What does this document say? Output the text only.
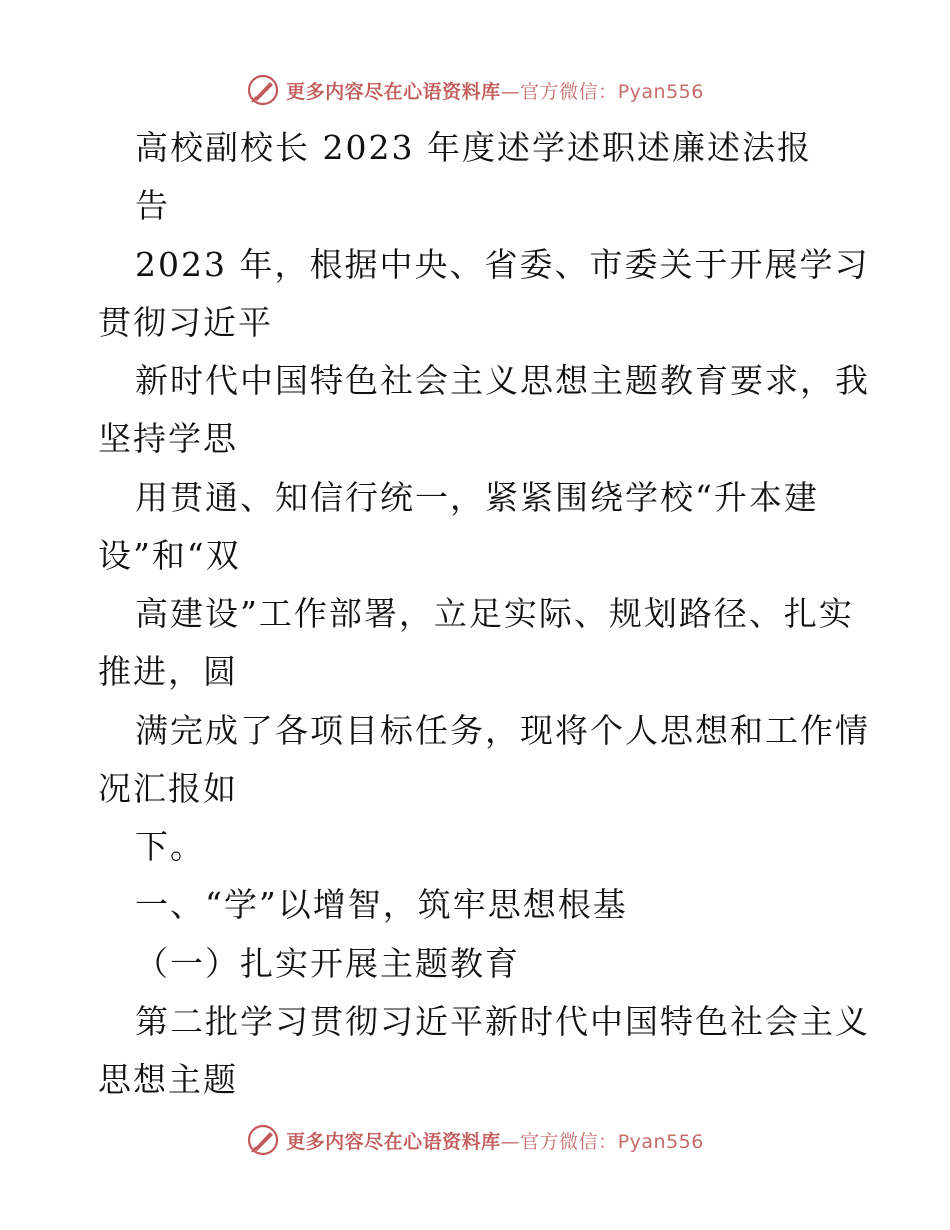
更多内容尽在心语资料库—官方微信：Pyan556
高校副校长 2023 年度述学述职述廉述法报
告
2023 年，根据中央、省委、市委关于开展学习
贯彻习近平
新时代中国特色社会主义思想主题教育要求，我
坚持学思
用贯通、知信行统一，紧紧围绕学校“升本建
设”和“双
高建设”工作部署，立足实际、规划路径、扎实
推进，圆
满完成了各项目标任务，现将个人思想和工作情
况汇报如
下。
一、“学”以增智，筑牢思想根基
（一）扎实开展主题教育
第二批学习贯彻习近平新时代中国特色社会主义
思想主题
更多内容尽在心语资料库—官方微信：Pyan556
